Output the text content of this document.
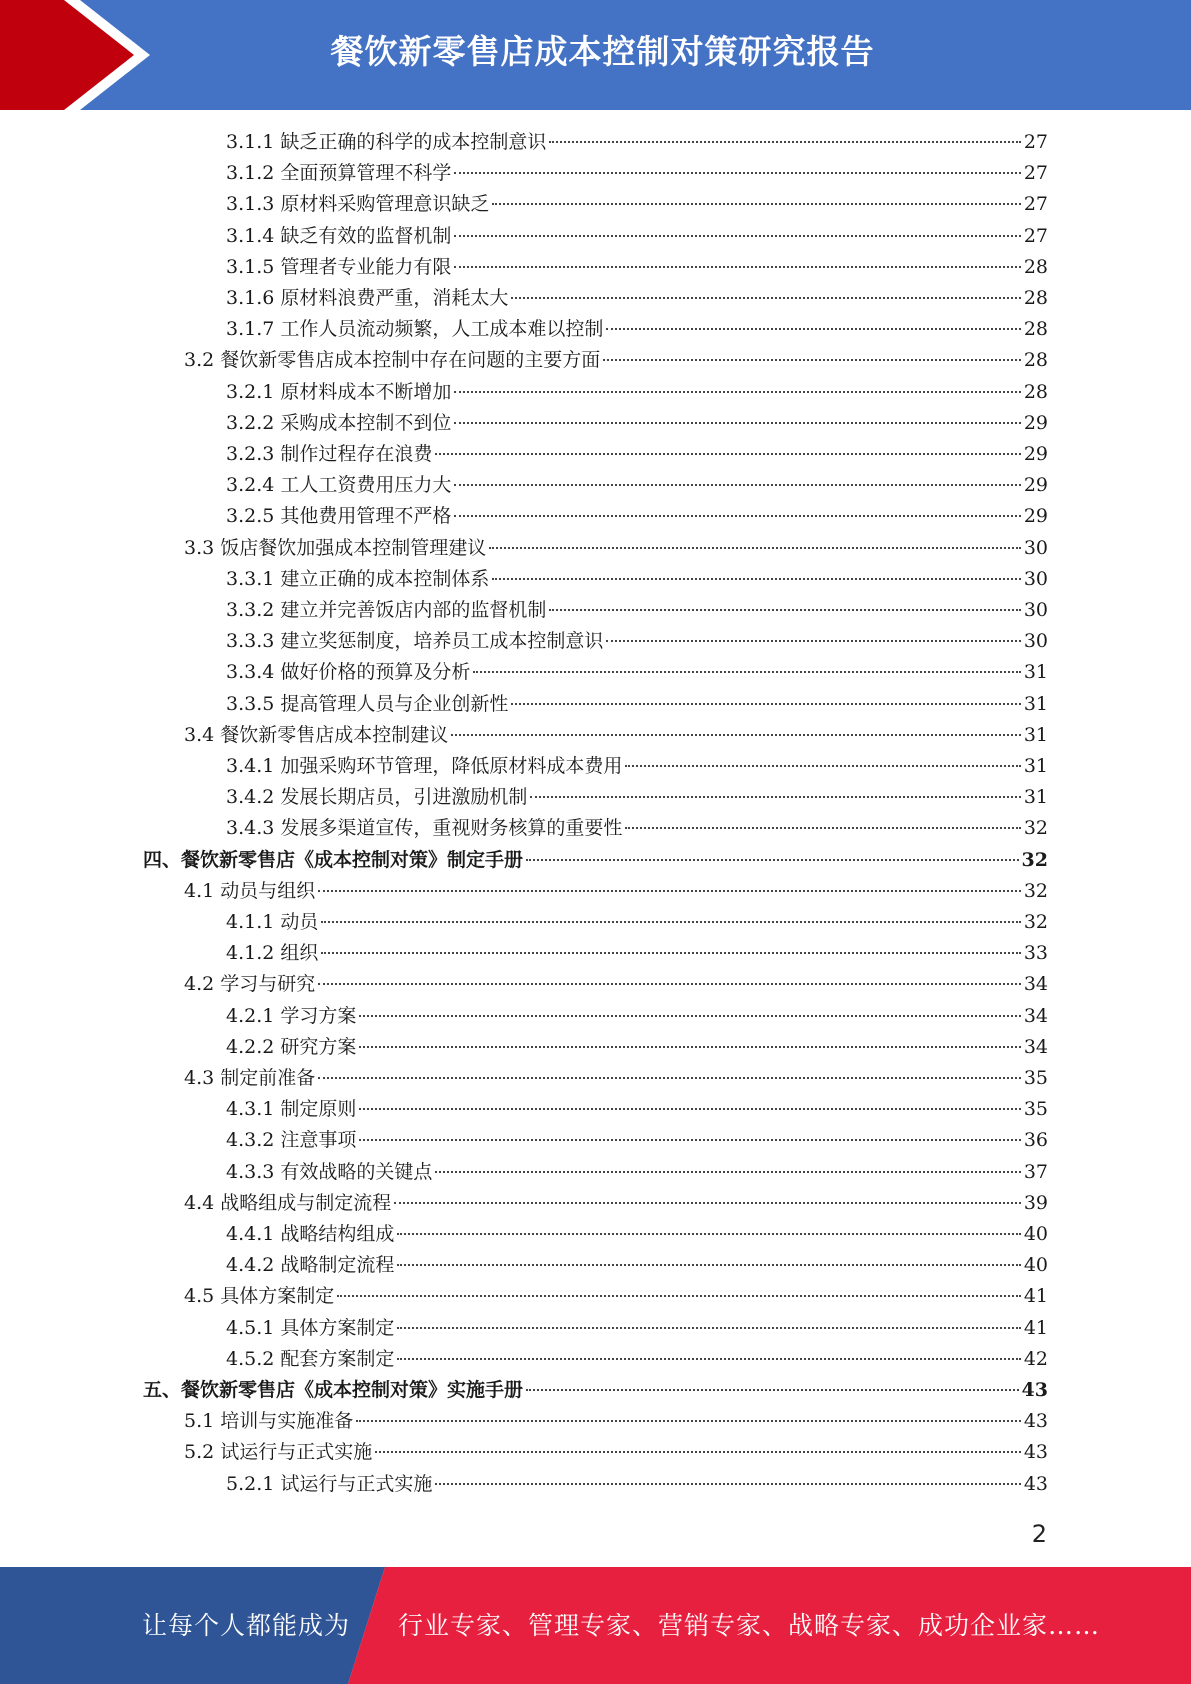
餐饮新零售店成本控制对策研究报告
3.1.1 缺乏正确的科学的成本控制意识	27
3.1.2 全面预算管理不科学	27
3.1.3 原材料采购管理意识缺乏	27
3.1.4 缺乏有效的监督机制	27
3.1.5 管理者专业能力有限	28
3.1.6 原材料浪费严重，消耗太大	28
3.1.7 工作人员流动频繁，人工成本难以控制	28
3.2 餐饮新零售店成本控制中存在问题的主要方面	28
3.2.1 原材料成本不断增加	28
3.2.2 采购成本控制不到位	29
3.2.3 制作过程存在浪费	29
3.2.4 工人工资费用压力大	29
3.2.5 其他费用管理不严格	29
3.3 饭店餐饮加强成本控制管理建议	30
3.3.1 建立正确的成本控制体系	30
3.3.2 建立并完善饭店内部的监督机制	30
3.3.3 建立奖惩制度，培养员工成本控制意识	30
3.3.4 做好价格的预算及分析	31
3.3.5 提高管理人员与企业创新性	31
3.4 餐饮新零售店成本控制建议	31
3.4.1 加强采购环节管理，降低原材料成本费用	31
3.4.2 发展长期店员，引进激励机制	31
3.4.3 发展多渠道宣传，重视财务核算的重要性	32
四、餐饮新零售店《成本控制对策》制定手册	32
4.1 动员与组织	32
4.1.1 动员	32
4.1.2 组织	33
4.2 学习与研究	34
4.2.1 学习方案	34
4.2.2 研究方案	34
4.3 制定前准备	35
4.3.1 制定原则	35
4.3.2 注意事项	36
4.3.3 有效战略的关键点	37
4.4 战略组成与制定流程	39
4.4.1 战略结构组成	40
4.4.2 战略制定流程	40
4.5 具体方案制定	41
4.5.1 具体方案制定	41
4.5.2 配套方案制定	42
五、餐饮新零售店《成本控制对策》实施手册	43
5.1 培训与实施准备	43
5.2 试运行与正式实施	43
5.2.1 试运行与正式实施	43
2
让每个人都能成为 行业专家、管理专家、营销专家、战略专家、成功企业家……
